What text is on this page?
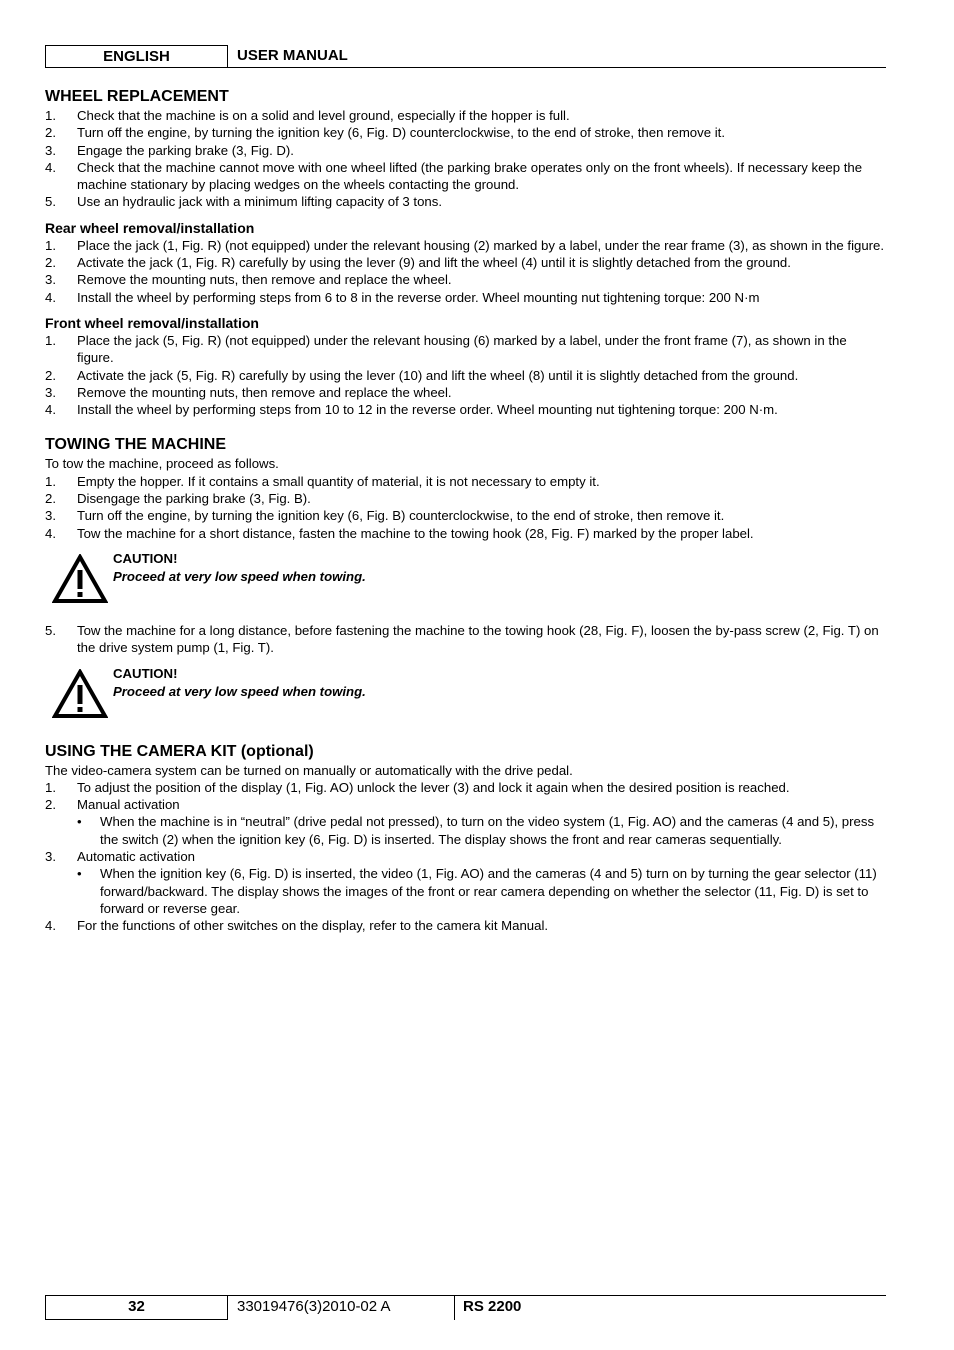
ENGLISH	USER MANUAL
WHEEL REPLACEMENT
1. Check that the machine is on a solid and level ground, especially if the hopper is full.
2. Turn off the engine, by turning the ignition key (6, Fig. D) counterclockwise, to the end of stroke, then remove it.
3. Engage the parking brake (3, Fig. D).
4. Check that the machine cannot move with one wheel lifted (the parking brake operates only on the front wheels). If necessary keep the machine stationary by placing wedges on the wheels contacting the ground.
5. Use an hydraulic jack with a minimum lifting capacity of 3 tons.
Rear wheel removal/installation
1. Place the jack (1, Fig. R) (not equipped) under the relevant housing (2) marked by a label, under the rear frame (3), as shown in the figure.
2. Activate the jack (1, Fig. R) carefully by using the lever (9) and lift the wheel (4) until it is slightly detached from the ground.
3. Remove the mounting nuts, then remove and replace the wheel.
4. Install the wheel by performing steps from 6 to 8 in the reverse order. Wheel mounting nut tightening torque: 200 N·m
Front wheel removal/installation
1. Place the jack (5, Fig. R) (not equipped) under the relevant housing (6) marked by a label, under the front frame (7), as shown in the figure.
2. Activate the jack (5, Fig. R) carefully by using the lever (10) and lift the wheel (8) until it is slightly detached from the ground.
3. Remove the mounting nuts, then remove and replace the wheel.
4. Install the wheel by performing steps from 10 to 12 in the reverse order. Wheel mounting nut tightening torque: 200 N·m.
TOWING THE MACHINE
To tow the machine, proceed as follows.
1. Empty the hopper. If it contains a small quantity of material, it is not necessary to empty it.
2. Disengage the parking brake (3, Fig. B).
3. Turn off the engine, by turning the ignition key (6, Fig. B) counterclockwise, to the end of stroke, then remove it.
4. Tow the machine for a short distance, fasten the machine to the towing hook (28, Fig. F) marked by the proper label.
CAUTION!
Proceed at very low speed when towing.
5. Tow the machine for a long distance, before fastening the machine to the towing hook (28, Fig. F), loosen the by-pass screw (2, Fig. T) on the drive system pump (1, Fig. T).
CAUTION!
Proceed at very low speed when towing.
USING THE CAMERA KIT (optional)
The video-camera system can be turned on manually or automatically with the drive pedal.
1. To adjust the position of the display (1, Fig. AO) unlock the lever (3) and lock it again when the desired position is reached.
2. Manual activation
• When the machine is in “neutral” (drive pedal not pressed), to turn on the video system (1, Fig. AO) and the cameras (4 and 5), press the switch (2) when the ignition key (6, Fig. D) is inserted. The display shows the front and rear cameras sequentially.
3. Automatic activation
• When the ignition key (6, Fig. D) is inserted, the video (1, Fig. AO) and the cameras (4 and 5) turn on by turning the gear selector (11) forward/backward. The display shows the images of the front or rear camera depending on whether the selector (11, Fig. D) is set to forward or reverse gear.
4. For the functions of other switches on the display, refer to the camera kit Manual.
32	33019476(3)2010-02 A	RS 2200
